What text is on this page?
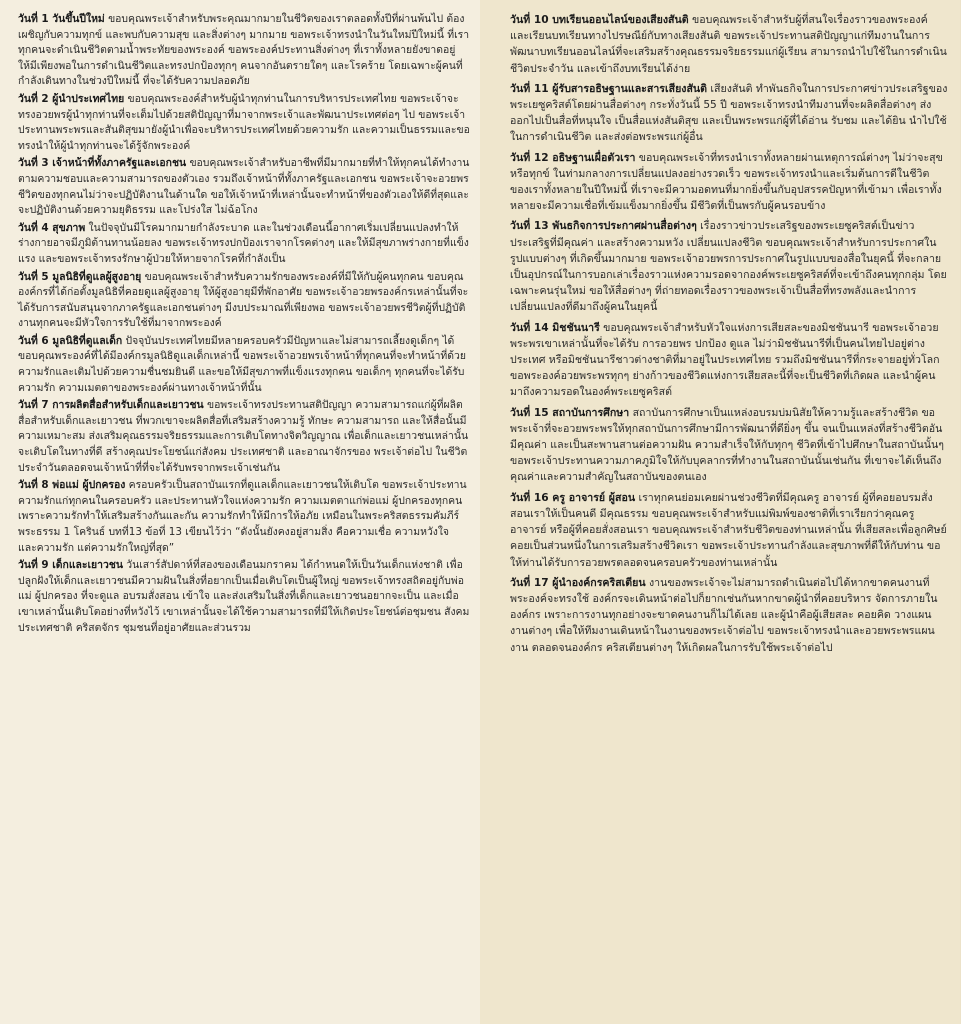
วันที่ 1 วันขึ้นปีใหม่ ขอบคุณพระเจ้าสำหรับพระคุณมากมายในชีวิตของเราตลอดทั้งปีที่ผ่านพ้นไป ต้องเผชิญกับความทุกข์ และพบกับความสุข และสิ่งต่างๆ มากมาย ขอพระเจ้าทรงนำในวันใหม่ปีใหม่นี้ ที่เราทุกคนจะดำเนินชีวิตตามน้ำพระทัยของพระองค์ ขอพระองค์ประทานสิ่งต่างๆ ที่เราทั้งหลายยังขาดอยู่ ให้มีเพียงพอในการดำเนินชีวิตและทรงปกป้องทุกๆ คนจากอันตรายใดๆ และโรคร้าย โดยเฉพาะผู้คนที่กำลังเดินทางในช่วงปีใหม่นี้ ที่จะได้รับความปลอดภัย

วันที่ 2 ผู้นำประเทศไทย ขอบคุณพระองค์สำหรับผู้นำทุกท่านในการบริหารประเทศไทย ขอพระเจ้าจะทรงอวยพรผู้นำทุกท่านที่จะเต็มไปด้วยสติปัญญาที่มาจากพระเจ้าและพัฒนาประเทศต่อๆ ไป ขอพระเจ้าประทานพระพรและสันติสุขมายังผู้นำเพื่อจะบริหารประเทศไทยด้วยความรัก และความเป็นธรรมและขอทรงนำให้ผู้นำทุกท่านจะได้รู้จักพระองค์

วันที่ 3 เจ้าหน้าที่ทั้งภาครัฐและเอกชน ขอบคุณพระเจ้าสำหรับอาชีพที่มีมากมายที่ทำให้ทุกคนได้ทำงานตามความชอบและความสามารถของตัวเอง รวมถึงเจ้าหน้าที่ทั้งภาครัฐและเอกชน ขอพระเจ้าจะอวยพรชีวิตของทุกคนไม่ว่าจะปฏิบัติงานในด้านใด ขอให้เจ้าหน้าที่เหล่านั้นจะทำหน้าที่ของตัวเองให้ดีที่สุดและจะปฏิบัติงานด้วยความยุติธรรม และโปร่งใส ไม่ฉ้อโกง

วันที่ 4 สุขภาพ ในปัจจุบันมีโรคมากมายกำลังระบาด และในช่วงเดือนนี้อากาศเริ่มเปลี่ยนแปลงทำให้ร่างกายอาจมีภูมิต้านทานน้อยลง ขอพระเจ้าทรงปกป้องเราจากโรคต่างๆ และให้มีสุขภาพร่างกายที่แข็งแรง และขอพระเจ้าทรงรักษาผู้ป่วยให้หายจากโรคที่กำลังเป็น

วันที่ 5 มูลนิธิที่ดูแลผู้สูงอายุ ขอบคุณพระเจ้าสำหรับความรักของพระองค์ที่มีให้กับผู้คนทุกคน ขอบคุณองค์กรที่ได้ก่อตั้งมูลนิธิที่คอยดูแลผู้สูงอายุ ให้ผู้สูงอายุมีที่พักอาศัย ขอพระเจ้าอวยพรองค์กรเหล่านั้นที่จะได้รับการสนับสนุนจากภาครัฐและเอกชนต่างๆ มีงบประมาณที่เพียงพอ ขอพระเจ้าอวยพรชีวิตผู้ที่ปฏิบัติงานทุกคนจะมีหัวใจการรับใช้ที่มาจากพระองค์

วันที่ 6 มูลนิธิที่ดูแลเด็ก ปัจจุบันประเทศไทยมีหลายครอบครัวมีปัญหาและไม่สามารถเลี้ยงดูเด็กๆ ได้ ขอบคุณพระองค์ที่ได้มีองค์กรมูลนิธิดูแลเด็กเหล่านี้ ขอพระเจ้าอวยพรเจ้าหน้าที่ทุกคนที่จะทำหน้าที่ด้วยความรักและเติมไปด้วยความชื่นชมยินดี และขอให้มีสุขภาพที่แข็งแรงทุกคน ขอเด็กๆ ทุกคนที่จะได้รับความรัก ความเมตตาของพระองค์ผ่านทางเจ้าหน้าที่นั้น

วันที่ 7 การผลิตสื่อสำหรับเด็กและเยาวชน ขอพระเจ้าทรงประทานสติปัญญา ความสามารถแก่ผู้ที่ผลิตสื่อสำหรับเด็กและเยาวชน ที่พวกเขาจะผลิตสื่อที่เสริมสร้างความรู้ ทักษะ ความสามารถ และให้สื่อนั้นมีความเหมาะสม ส่งเสริมคุณธรรมจริยธรรมและการเติบโตทางจิตวิญญาณ เพื่อเด็กและเยาวชนเหล่านั้นจะเติบโตในทางที่ดี สร้างคุณประโยชน์แก่สังคม ประเทศชาติ และอาณาจักรของ พระเจ้าต่อไป ในชีวิตประจำวันตลอดจนเจ้าหน้าที่ที่จะได้รับพรจากพระเจ้าเช่นกัน

วันที่ 8 พ่อแม่ ผู้ปกครอง ครอบครัวเป็นสถาบันแรกที่ดูแลเด็กและเยาวชนให้เติบโต ขอพระเจ้าประทานความรักแก่ทุกคนในครอบครัว และประทานหัวใจแห่งความรัก ความเมตตาแก่พ่อแม่ ผู้ปกครองทุกคน เพราะความรักทำให้เสริมสร้างกันและกัน ความรักทำให้มีการให้อภัย เหมือนในพระคริสตธรรมคัมภีร์ พระธรรม 1 โครินธ์ บทที่13 ข้อที่ 13 เขียนไว้ว่า “ดังนั้นยังคงอยู่สามสิ่ง คือความเชื่อ ความหวังใจ และความรัก แต่ความรักใหญ่ที่สุด”

วันที่ 9 เด็กและเยาวชน วันเสาร์สัปดาห์ที่สองของเดือนมกราคม ได้กำหนดให้เป็นวันเด็กแห่งชาติ เพื่อปลูกฝังให้เด็กและเยาวชนมีความฝันในสิ่งที่อยากเป็นเมื่อเติบโตเป็นผู้ใหญ่ ขอพระเจ้าทรงสถิตอยู่กับพ่อแม่ ผู้ปกครอง ที่จะดูแล อบรมสั่งสอน เข้าใจ และส่งเสริมในสิ่งที่เด็กและเยาวชนอยากจะเป็น และเมื่อเขาเหล่านั้นเติบโตอย่างที่หวังไว้ เขาเหล่านั้นจะได้ใช้ความสามารถที่มีให้เกิดประโยชน์ต่อชุมชน สังคม ประเทศชาติ คริสตจักร ชุมชนที่อยู่อาศัยและส่วนรวม

วันที่ 10 บทเรียนออนไลน์ของเสียงสันติ ขอบคุณพระเจ้าสำหรับผู้ที่สนใจเรื่องราวของพระองค์ และเรียนบทเรียนทางไปรษณีย์กับทางเสียงสันติ ขอพระเจ้าประทานสติปัญญาแก่ทีมงานในการพัฒนาบทเรียนออนไลน์ที่จะเสริมสร้างคุณธรรมจริยธรรมแก่ผู้เรียน สามารถนำไปใช้ในการดำเนินชีวิตประจำวัน และเข้าถึงบทเรียนได้ง่าย

วันที่ 11 ผู้รับสารอธิษฐานและสารเสียงสันติ เสียงสันติ ทำพันธกิจในการประกาศข่าวประเสริฐของพระเยซูคริสต์โดยผ่านสื่อต่างๆ กระทั่งวันนี้ 55 ปี ขอพระเจ้าทรงนำทีมงานที่จะผลิตสื่อต่างๆ ส่งออกไปเป็นสื่อที่หนุนใจ เป็นสื่อแห่งสันติสุข และเป็นพระพรแก่ผู้ที่ได้อ่าน รับชม และได้ยิน นำไปใช้ในการดำเนินชีวิต และส่งต่อพระพรแก่ผู้อื่น

วันที่ 12 อธิษฐานเผื่อตัวเรา ขอบคุณพระเจ้าที่ทรงนำเราทั้งหลายผ่านเหตุการณ์ต่างๆ ไม่ว่าจะสุข หรือทุกข์ ในท่ามกลางการเปลี่ยนแปลงอย่างรวดเร็ว ขอพระเจ้าทรงนำและเริ่มต้นการดีในชีวิตของเราทั้งหลายในปีใหม่นี้ ที่เราจะมีความอดทนที่มากยิ่งขึ้นกับอุปสรรคปัญหาที่เข้ามา เพื่อเราทั้งหลายจะมีความเชื่อที่เข้มแข็งมากยิ่งขึ้น มีชีวิตที่เป็นพรกับผู้คนรอบข้าง

วันที่ 13 พันธกิจการประกาศผ่านสื่อต่างๆ เรื่องราวข่าวประเสริฐของพระเยซูคริสต์เป็นข่าวประเสริฐที่มีคุณค่า และสร้างความหวัง เปลี่ยนแปลงชีวิต ขอบคุณพระเจ้าสำหรับการประกาศในรูปแบบต่างๆ ที่เกิดขึ้นมากมาย ขอพระเจ้าอวยพรการประกาศในรูปแบบของสื่อในยุคนี้ ที่จะกลายเป็นอุปกรณ์ในการบอกเล่าเรื่องราวแห่งความรอดจากองค์พระเยซูคริสต์ที่จะเข้าถึงคนทุกกลุ่ม โดยเฉพาะคนรุ่นใหม่ ขอให้สื่อต่างๆ ที่ถ่ายทอดเรื่องราวของพระเจ้าเป็นสื่อที่ทรงพลังและนำการเปลี่ยนแปลงที่ดีมาถึงผู้คนในยุคนี้

วันที่ 14 มิชชันนารี ขอบคุณพระเจ้าสำหรับหัวใจแห่งการเสียสละของมิชชันนารี ขอพระเจ้าอวยพระพรเขาเหล่านั้นที่จะได้รับ การอวยพร ปกป้อง ดูแล ไม่ว่ามิชชันนารีที่เป็นคนไทยไปอยู่ต่างประเทศ หรือมิชชันนารีชาวต่างชาติที่มาอยู่ในประเทศไทย รวมถึงมิชชันนารีที่กระจายอยู่ทั่วโลก ขอพระองค์อวยพระพรทุกๆ ย่างก้าวของชีวิตแห่งการเสียสละนี้ที่จะเป็นชีวิตที่เกิดผล และนำผู้คนมาถึงความรอดในองค์พระเยซูคริสต์

วันที่ 15 สถาบันการศึกษา สถาบันการศึกษาเป็นแหล่งอบรมบ่มนิสัยให้ความรู้และสร้างชีวิต ขอพระเจ้าที่จะอวยพระพรให้ทุกสถาบันการศึกษามีการพัฒนาที่ดียิ่งๆ ขึ้น จนเป็นแหล่งที่สร้างชีวิตอันมีคุณค่า และเป็นสะพานสานต่อความฝัน ความสำเร็จให้กับทุกๆ ชีวิตที่เข้าไปศึกษาในสถาบันนั้นๆ ขอพระเจ้าประทานความภาคภูมิใจให้กับบุคลากรที่ทำงานในสถาบันนั้นเช่นกัน ที่เขาจะได้เห็นถึงคุณค่าและความสำคัญในสถาบันของตนเอง

วันที่ 16 ครู อาจารย์ ผู้สอน เราทุกคนย่อมเคยผ่านช่วงชีวิตที่มีคุณครู อาจารย์ ผู้ที่คอยอบรมสั่งสอนเราให้เป็นคนดี มีคุณธรรม ขอบคุณพระเจ้าสำหรับแม่พิมพ์ของชาติที่เราเรียกว่าคุณครู อาจารย์ หรือผู้ที่คอยสั่งสอนเรา ขอบคุณพระเจ้าสำหรับชีวิตของท่านเหล่านั้น ที่เสียสละเพื่อลูกศิษย์ คอยเป็นส่วนหนึ่งในการเสริมสร้างชีวิตเรา ขอพระเจ้าประทานกำลังและสุขภาพที่ดีให้กับท่าน ขอให้ท่านได้รับการอวยพรตลอดจนครอบครัวของท่านเหล่านั้น

วันที่ 17 ผู้นำองค์กรคริสเตียน งานของพระเจ้าจะไม่สามารถดำเนินต่อไปได้หากขาดคนงานที่พระองค์จะทรงใช้ องค์กรจะเดินหน้าต่อไปก็ยากเช่นกันหากขาดผู้นำที่คอยบริหาร จัดการภายในองค์กร เพราะการงานทุกอย่างจะขาดคนงานก็ไม่ได้เลย และผู้นำคือผู้เสียสละ คอยคิด วางแผนงานต่างๆ เพื่อให้ทีมงานเดินหน้าในงานของพระเจ้าต่อไป ขอพระเจ้าทรงนำและอวยพระพรแผนงาน ตลอดจนองค์กร คริสเตียนต่างๆ ให้เกิดผลในการรับใช้พระเจ้าต่อไป
